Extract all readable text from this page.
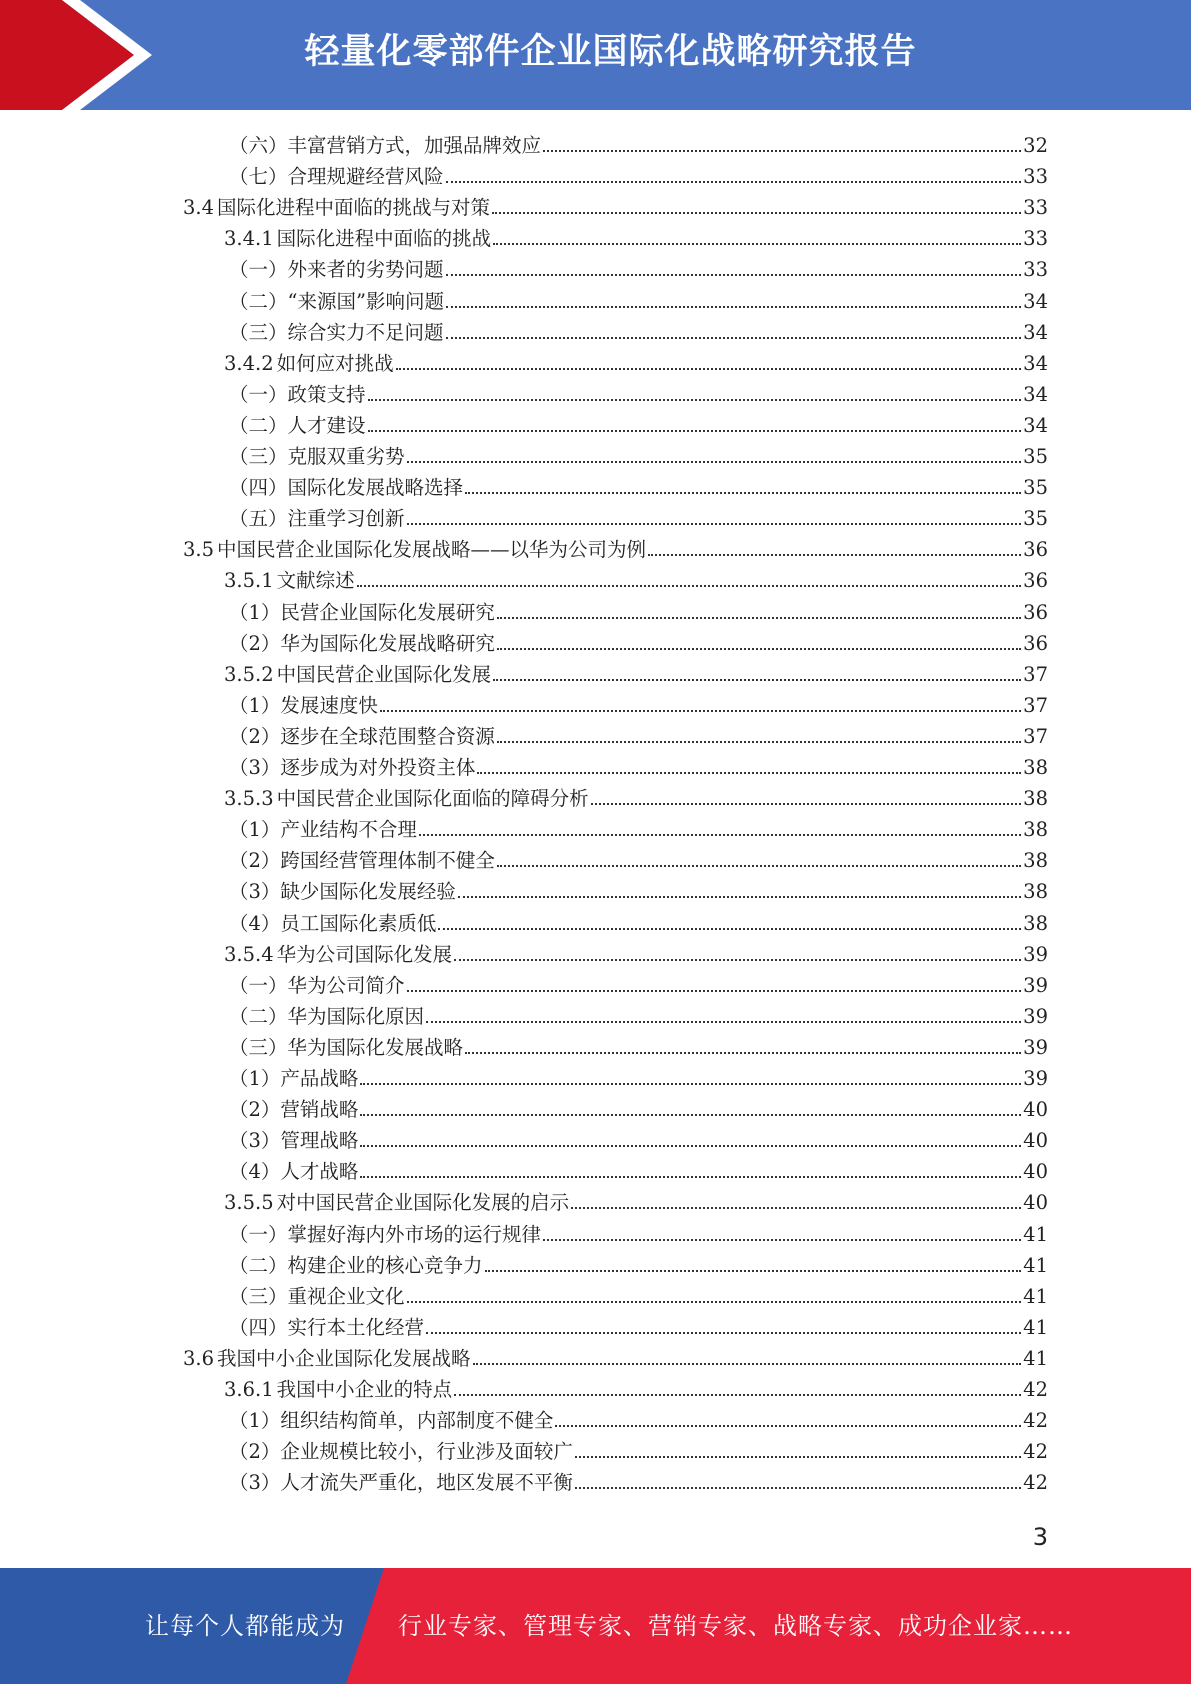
轻量化零部件企业国际化战略研究报告
（六）丰富营销方式，加强品牌效应	32
（七）合理规避经营风险	33
3.4 国际化进程中面临的挑战与对策	33
3.4.1 国际化进程中面临的挑战	33
（一）外来者的劣势问题	33
（二）“来源国”影响问题	34
（三）综合实力不足问题	34
3.4.2 如何应对挑战	34
（一）政策支持	34
（二）人才建设	34
（三）克服双重劣势	35
（四）国际化发展战略选择	35
（五）注重学习创新	35
3.5 中国民营企业国际化发展战略——以华为公司为例	36
3.5.1 文献综述	36
（1）民营企业国际化发展研究	36
（2）华为国际化发展战略研究	36
3.5.2 中国民营企业国际化发展	37
（1）发展速度快	37
（2）逐步在全球范围整合资源	37
（3）逐步成为对外投资主体	38
3.5.3 中国民营企业国际化面临的障碍分析	38
（1）产业结构不合理	38
（2）跨国经营管理体制不健全	38
（3）缺少国际化发展经验	38
（4）员工国际化素质低	38
3.5.4 华为公司国际化发展	39
（一）华为公司简介	39
（二）华为国际化原因	39
（三）华为国际化发展战略	39
（1）产品战略	39
（2）营销战略	40
（3）管理战略	40
（4）人才战略	40
3.5.5 对中国民营企业国际化发展的启示	40
（一）掌握好海内外市场的运行规律	41
（二）构建企业的核心竞争力	41
（三）重视企业文化	41
（四）实行本土化经营	41
3.6 我国中小企业国际化发展战略	41
3.6.1 我国中小企业的特点	42
（1）组织结构简单，内部制度不健全	42
（2）企业规模比较小，行业涉及面较广	42
（3）人才流失严重化，地区发展不平衡	42
3
让每个人都能成为 行业专家、管理专家、营销专家、战略专家、成功企业家……
